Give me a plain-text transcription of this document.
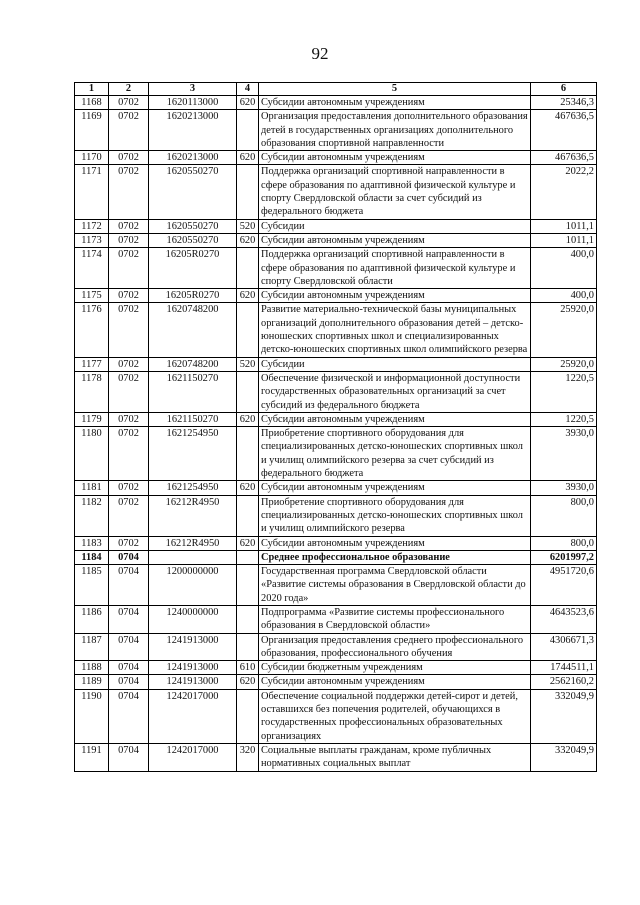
92
1	2	3	4	5	6
1168	0702	1620113000	620	Субсидии автономным учреждениям	25346,3
1169	0702	1620213000		Организация предоставления дополнительного образования детей в государственных организациях дополнительного образования спортивной направленности	467636,5
1170	0702	1620213000	620	Субсидии автономным учреждениям	467636,5
1171	0702	1620550270		Поддержка организаций спортивной направленности в сфере образования по адаптивной физической культуре и спорту Свердловской области за счет субсидий из федерального бюджета	2022,2
1172	0702	1620550270	520	Субсидии	1011,1
1173	0702	1620550270	620	Субсидии автономным учреждениям	1011,1
1174	0702	16205R0270		Поддержка организаций спортивной направленности в сфере образования по адаптивной физической культуре и спорту Свердловской области	400,0
1175	0702	16205R0270	620	Субсидии автономным учреждениям	400,0
1176	0702	1620748200		Развитие материально-технической базы муниципальных организаций дополнительного образования детей – детско-юношеских спортивных школ и специализированных детско-юношеских спортивных школ олимпийского резерва	25920,0
1177	0702	1620748200	520	Субсидии	25920,0
1178	0702	1621150270		Обеспечение физической и информационной доступности государственных образовательных организаций за счет субсидий из федерального бюджета	1220,5
1179	0702	1621150270	620	Субсидии автономным учреждениям	1220,5
1180	0702	1621254950		Приобретение спортивного оборудования для специализированных детско-юношеских спортивных школ и училищ олимпийского резерва за счет субсидий из федерального бюджета	3930,0
1181	0702	1621254950	620	Субсидии автономным учреждениям	3930,0
1182	0702	16212R4950		Приобретение спортивного оборудования для специализированных детско-юношеских спортивных школ и училищ олимпийского резерва	800,0
1183	0702	16212R4950	620	Субсидии автономным учреждениям	800,0
1184	0704			Среднее профессиональное образование	6201997,2
1185	0704	1200000000		Государственная программа Свердловской области «Развитие системы образования в Свердловской области до 2020 года»	4951720,6
1186	0704	1240000000		Подпрограмма «Развитие системы профессионального образования в Свердловской области»	4643523,6
1187	0704	1241913000		Организация предоставления среднего профессионального образования, профессионального обучения	4306671,3
1188	0704	1241913000	610	Субсидии бюджетным учреждениям	1744511,1
1189	0704	1241913000	620	Субсидии автономным учреждениям	2562160,2
1190	0704	1242017000		Обеспечение социальной поддержки детей-сирот и детей, оставшихся без попечения родителей, обучающихся в государственных профессиональных образовательных организациях	332049,9
1191	0704	1242017000	320	Социальные выплаты гражданам, кроме публичных нормативных социальных выплат	332049,9
